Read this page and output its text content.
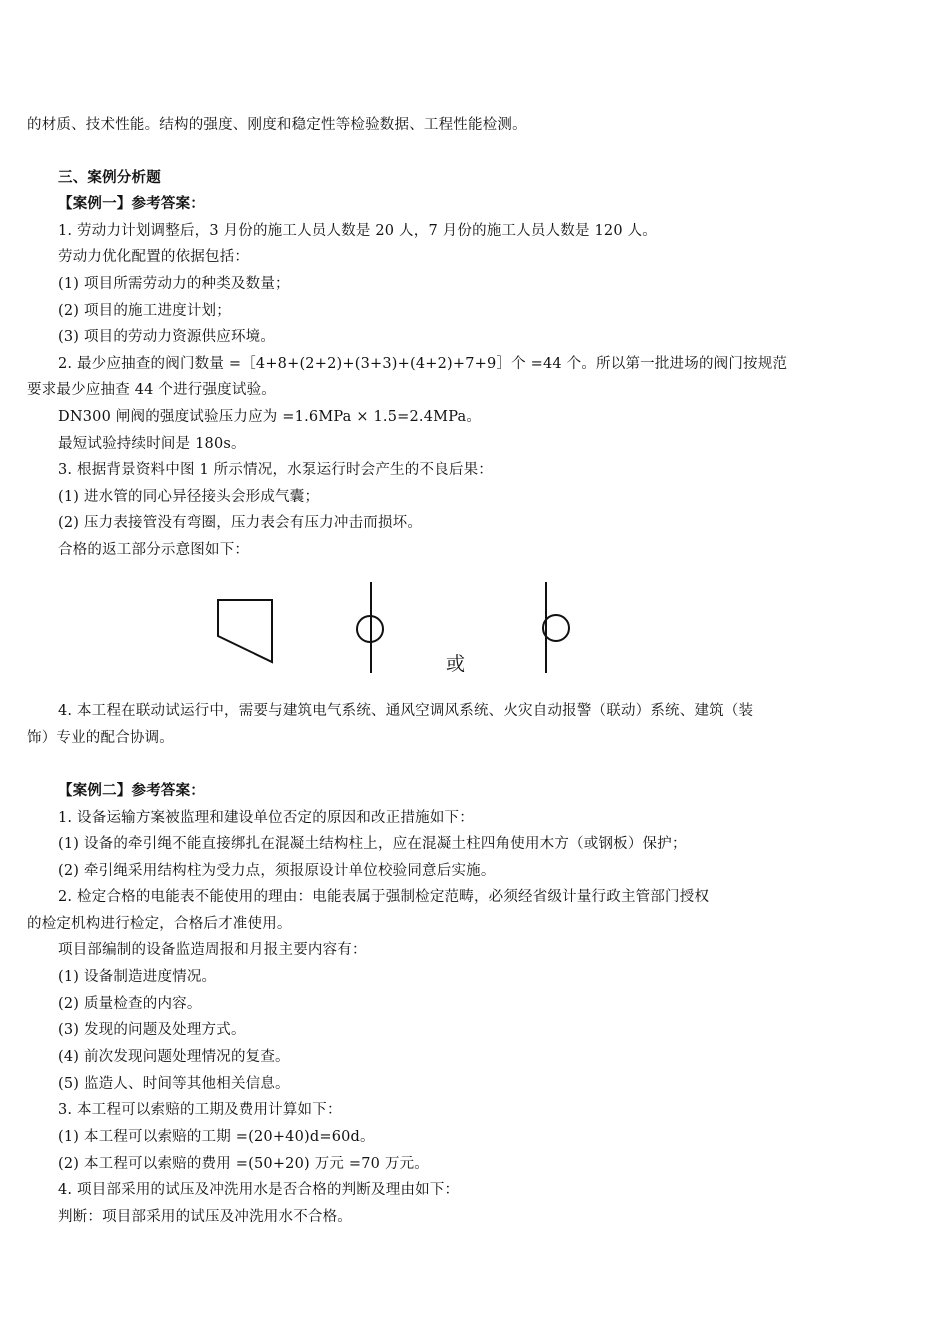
的材质、技术性能。结构的强度、刚度和稳定性等检验数据、工程性能检测。
三、案例分析题
【案例一】参考答案：
1. 劳动力计划调整后，3 月份的施工人员人数是 20 人，7 月份的施工人员人数是 120 人。
劳动力优化配置的依据包括：
(1) 项目所需劳动力的种类及数量；
(2) 项目的施工进度计划；
(3) 项目的劳动力资源供应环境。
2. 最少应抽查的阀门数量 =［4+8+(2+2)+(3+3)+(4+2)+7+9］个 =44 个。所以第一批进场的阀门按规范
要求最少应抽查 44 个进行强度试验。
DN300 闸阀的强度试验压力应为 =1.6MPa × 1.5=2.4MPa。
最短试验持续时间是 180s。
3. 根据背景资料中图 1 所示情况，水泵运行时会产生的不良后果：
(1) 进水管的同心异径接头会形成气囊；
(2) 压力表接管没有弯圈，压力表会有压力冲击而损坏。
合格的返工部分示意图如下：
或
4. 本工程在联动试运行中，需要与建筑电气系统、通风空调风系统、火灾自动报警（联动）系统、建筑（装
饰）专业的配合协调。
【案例二】参考答案：
1. 设备运输方案被监理和建设单位否定的原因和改正措施如下：
(1) 设备的牵引绳不能直接绑扎在混凝土结构柱上，应在混凝土柱四角使用木方（或钢板）保护；
(2) 牵引绳采用结构柱为受力点，须报原设计单位校验同意后实施。
2. 检定合格的电能表不能使用的理由：电能表属于强制检定范畴，必须经省级计量行政主管部门授权
的检定机构进行检定，合格后才准使用。
项目部编制的设备监造周报和月报主要内容有：
(1) 设备制造进度情况。
(2) 质量检查的内容。
(3) 发现的问题及处理方式。
(4) 前次发现问题处理情况的复查。
(5) 监造人、时间等其他相关信息。
3. 本工程可以索赔的工期及费用计算如下：
(1) 本工程可以索赔的工期 =(20+40)d=60d。
(2) 本工程可以索赔的费用 =(50+20) 万元 =70 万元。
4. 项目部采用的试压及冲洗用水是否合格的判断及理由如下：
判断：项目部采用的试压及冲洗用水不合格。
